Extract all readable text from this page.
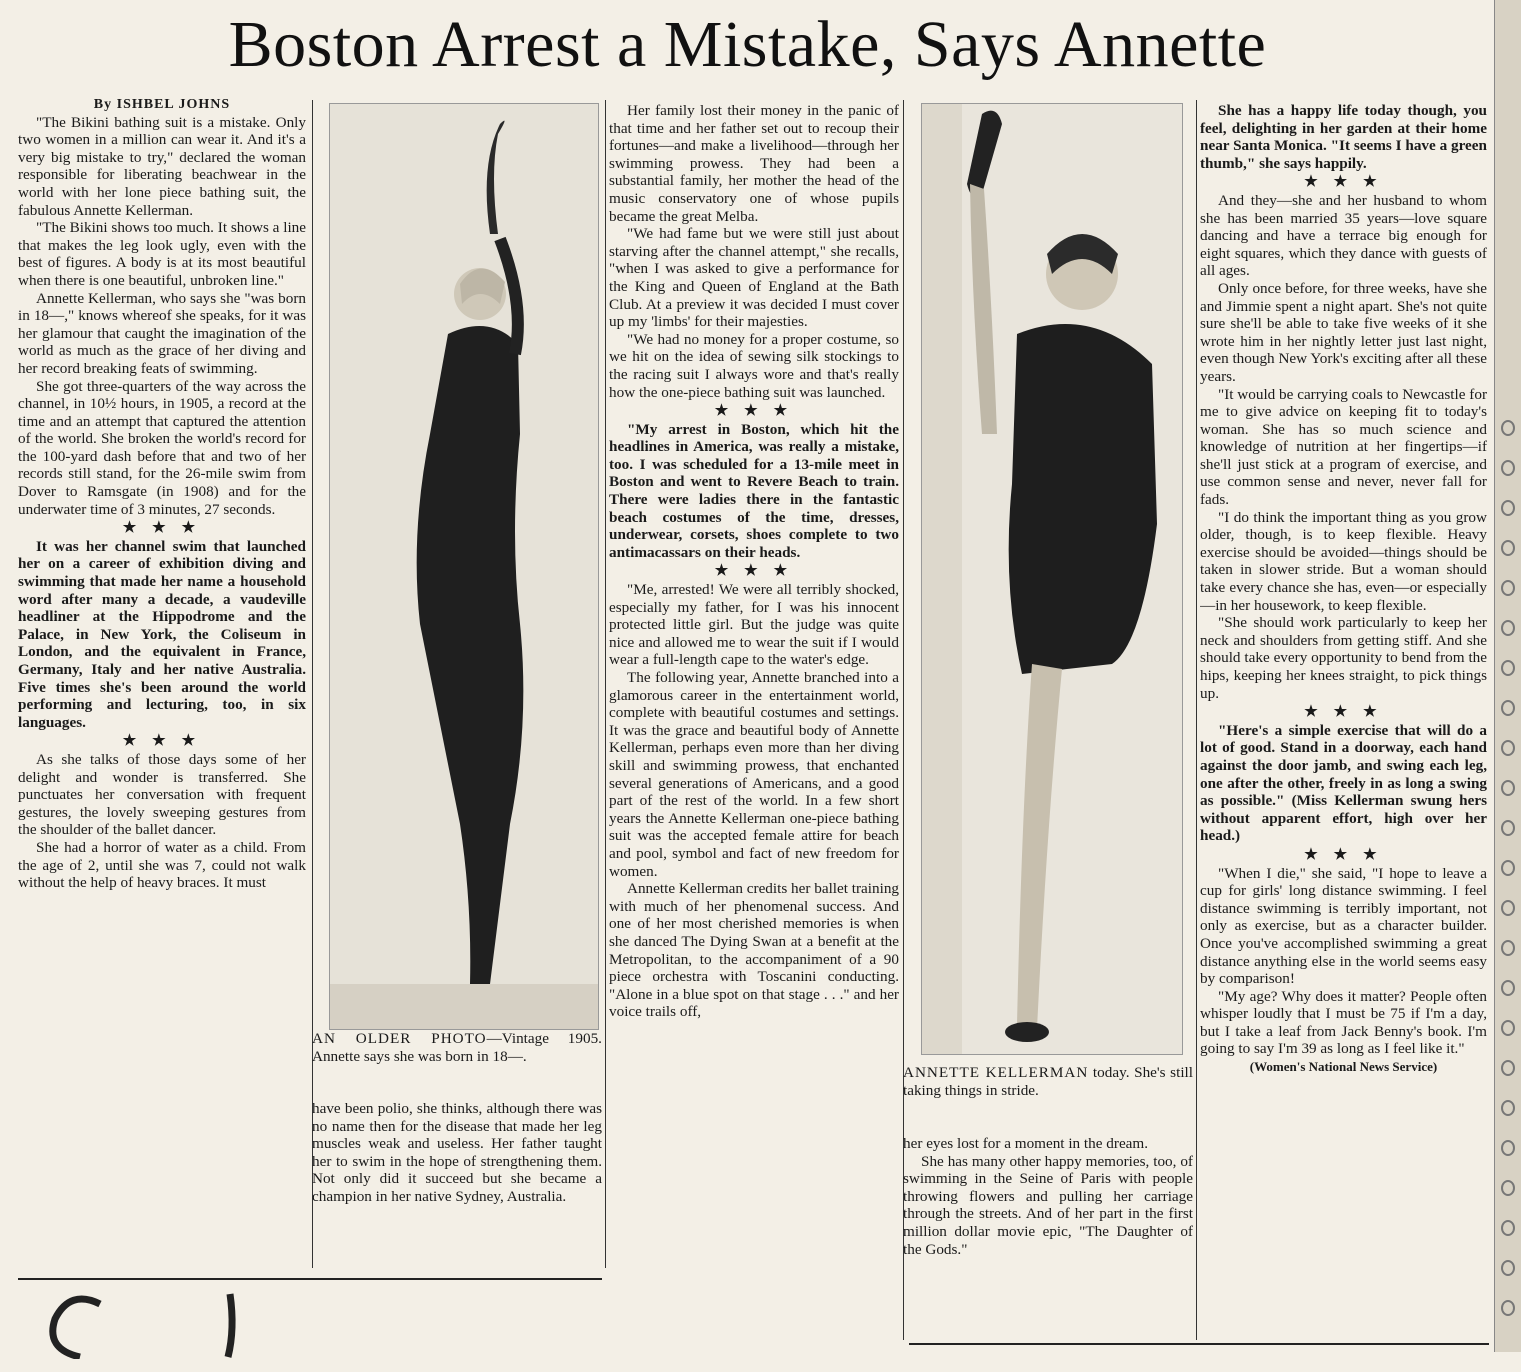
Boston Arrest a Mistake, Says Annette

By ISHBEL JOHNS

"The Bikini bathing suit is a mistake. Only two women in a million can wear it. And it's a very big mistake to try," declared the woman responsible for liberating beachwear in the world with her lone piece bathing suit, the fabulous Annette Kellerman.

"The Bikini shows too much. It shows a line that makes the leg look ugly, even with the best of figures. A body is at its most beautiful when there is one beautiful, unbroken line."

Annette Kellerman, who says she "was born in 18—," knows whereof she speaks, for it was her glamour that caught the imagination of the world as much as the grace of her diving and her record breaking feats of swimming.

She got three-quarters of the way across the channel, in 10½ hours, in 1905, a record at the time and an attempt that captured the attention of the world. She broken the world's record for the 100-yard dash before that and two of her records still stand, for the 26-mile swim from Dover to Ramsgate (in 1908) and for the underwater time of 3 minutes, 27 seconds.

★ ★ ★

It was her channel swim that launched her on a career of exhibition diving and swimming that made her name a household word after many a decade, a vaudeville headliner at the Hippodrome and the Palace, in New York, the Coliseum in London, and the equivalent in France, Germany, Italy and her native Australia. Five times she's been around the world performing and lecturing, too, in six languages.

★ ★ ★

As she talks of those days some of her delight and wonder is transferred. She punctuates her conversation with frequent gestures, the lovely sweeping gestures from the shoulder of the ballet dancer.

She had a horror of water as a child. From the age of 2, until she was 7, could not walk without the help of heavy braces. It must

AN OLDER PHOTO—Vintage 1905. Annette says she was born in 18—.

have been polio, she thinks, although there was no name then for the disease that made her leg muscles weak and useless. Her father taught her to swim in the hope of strengthening them. Not only did it succeed but she became a champion in her native Sydney, Australia.

Her family lost their money in the panic of that time and her father set out to recoup their fortunes—and make a livelihood—through her swimming prowess. They had been a substantial family, her mother the head of the music conservatory one of whose pupils became the great Melba.

"We had fame but we were still just about starving after the channel attempt," she recalls, "when I was asked to give a performance for the King and Queen of England at the Bath Club. At a preview it was decided I must cover up my 'limbs' for their majesties.

"We had no money for a proper costume, so we hit on the idea of sewing silk stockings to the racing suit I always wore and that's really how the one-piece bathing suit was launched.

★ ★ ★

"My arrest in Boston, which hit the headlines in America, was really a mistake, too. I was scheduled for a 13-mile meet in Boston and went to Revere Beach to train. There were ladies there in the fantastic beach costumes of the time, dresses, underwear, corsets, shoes complete to two antimacassars on their heads.

★ ★ ★

"Me, arrested! We were all terribly shocked, especially my father, for I was his innocent protected little girl. But the judge was quite nice and allowed me to wear the suit if I would wear a full-length cape to the water's edge.

The following year, Annette branched into a glamorous career in the entertainment world, complete with beautiful costumes and settings. It was the grace and beautiful body of Annette Kellerman, perhaps even more than her diving skill and swimming prowess, that enchanted several generations of Americans, and a good part of the rest of the world. In a few short years the Annette Kellerman one-piece bathing suit was the accepted female attire for beach and pool, symbol and fact of new freedom for women.

Annette Kellerman credits her ballet training with much of her phenomenal success. And one of her most cherished memories is when she danced The Dying Swan at a benefit at the Metropolitan, to the accompaniment of a 90 piece orchestra with Toscanini conducting. "Alone in a blue spot on that stage . . ." and her voice trails off,

ANNETTE KELLERMAN today. She's still taking things in stride.

her eyes lost for a moment in the dream.

She has many other happy memories, too, of swimming in the Seine of Paris with people throwing flowers and pulling her carriage through the streets. And of her part in the first million dollar movie epic, "The Daughter of the Gods."

She has a happy life today though, you feel, delighting in her garden at their home near Santa Monica. "It seems I have a green thumb," she says happily.

★ ★ ★

And they—she and her husband to whom she has been married 35 years—love square dancing and have a terrace big enough for eight squares, which they dance with guests of all ages.

Only once before, for three weeks, have she and Jimmie spent a night apart. She's not quite sure she'll be able to take five weeks of it she wrote him in her nightly letter just last night, even though New York's exciting after all these years.

"It would be carrying coals to Newcastle for me to give advice on keeping fit to today's woman. She has so much science and knowledge of nutrition at her fingertips—if she'll just stick at a program of exercise, and use common sense and never, never fall for fads.

"I do think the important thing as you grow older, though, is to keep flexible. Heavy exercise should be avoided—things should be taken in slower stride. But a woman should take every chance she has, even—or especially—in her housework, to keep flexible.

"She should work particularly to keep her neck and shoulders from getting stiff. And she should take every opportunity to bend from the hips, keeping her knees straight, to pick things up.

★ ★ ★

"Here's a simple exercise that will do a lot of good. Stand in a doorway, each hand against the door jamb, and swing each leg, one after the other, freely in as long a swing as possible." (Miss Kellerman swung hers without apparent effort, high over her head.)

★ ★ ★

"When I die," she said, "I hope to leave a cup for girls' long distance swimming. I feel distance swimming is terribly important, not only as exercise, but as a character builder. Once you've accomplished swimming a great distance anything else in the world seems easy by comparison!

"My age? Why does it matter? People often whisper loudly that I must be 75 if I'm a day, but I take a leaf from Jack Benny's book. I'm going to say I'm 39 as long as I feel like it."

(Women's National News Service)
